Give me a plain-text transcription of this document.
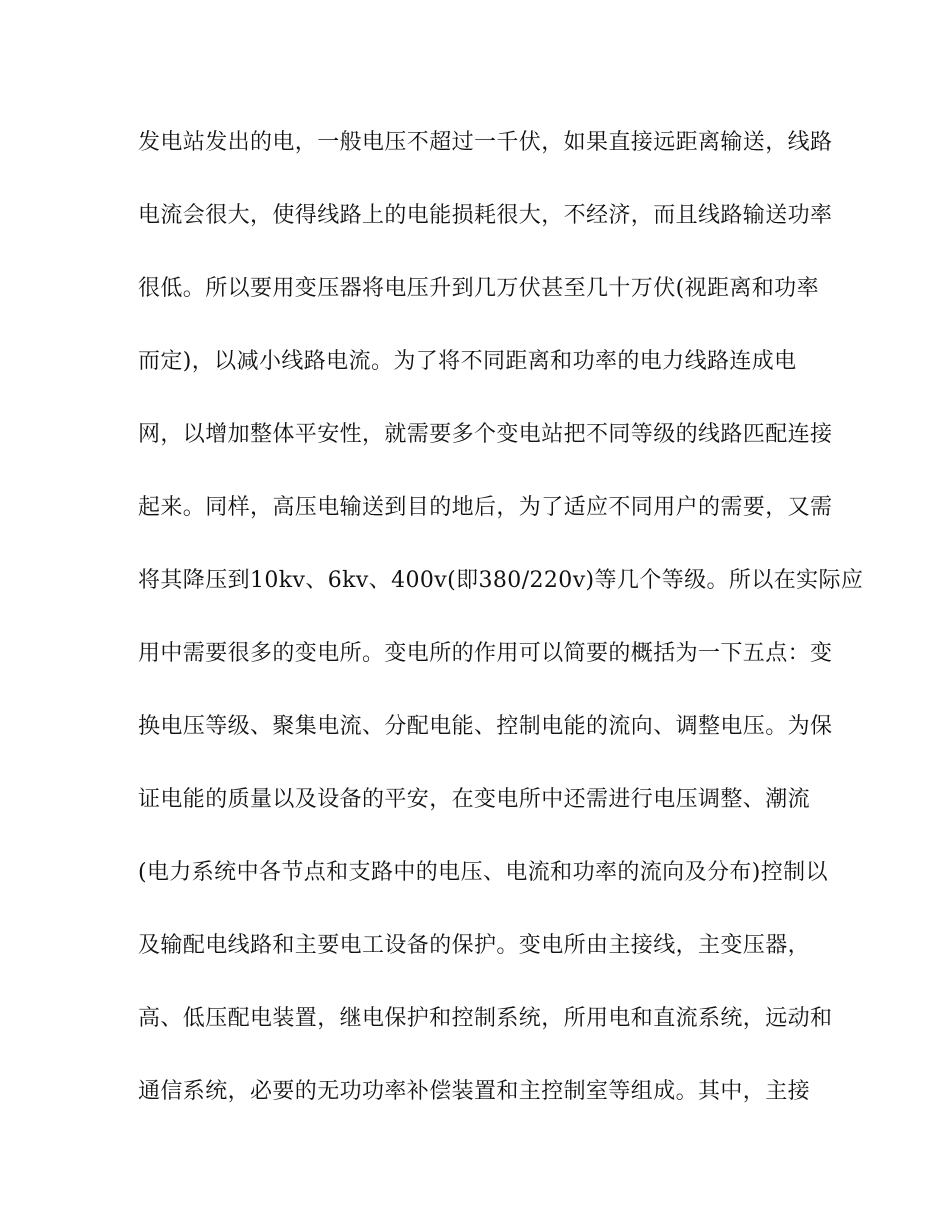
发电站发出的电，一般电压不超过一千伏，如果直接远距离输送，线路
电流会很大，使得线路上的电能损耗很大，不经济，而且线路输送功率
很低。所以要用变压器将电压升到几万伏甚至几十万伏(视距离和功率
而定)，以减小线路电流。为了将不同距离和功率的电力线路连成电
网，以增加整体平安性，就需要多个变电站把不同等级的线路匹配连接
起来。同样，高压电输送到目的地后，为了适应不同用户的需要，又需
将其降压到10kv、6kv、400v(即380/220v)等几个等级。所以在实际应
用中需要很多的变电所。变电所的作用可以简要的概括为一下五点：变
换电压等级、聚集电流、分配电能、控制电能的流向、调整电压。为保
证电能的质量以及设备的平安，在变电所中还需进行电压调整、潮流
(电力系统中各节点和支路中的电压、电流和功率的流向及分布)控制以
及输配电线路和主要电工设备的保护。变电所由主接线，主变压器，
高、低压配电装置，继电保护和控制系统，所用电和直流系统，远动和
通信系统，必要的无功功率补偿装置和主控制室等组成。其中，主接
